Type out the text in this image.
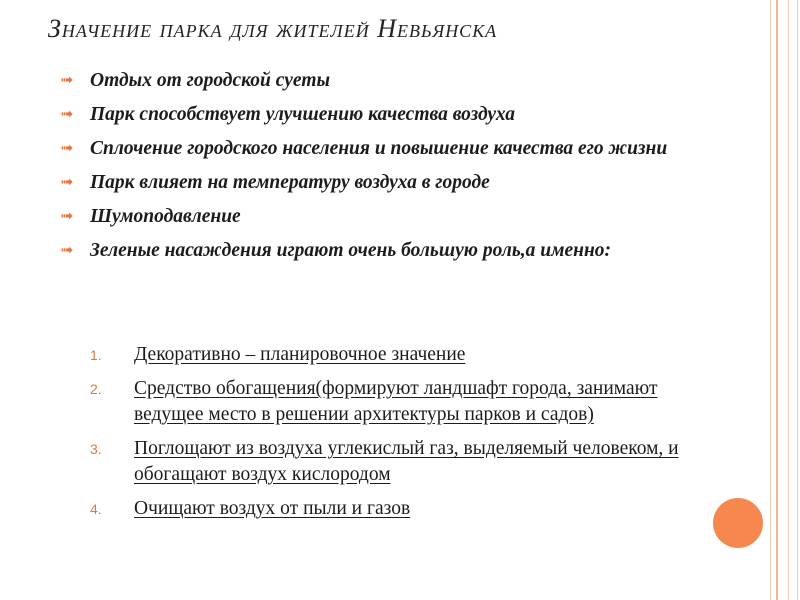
Значение парка для жителей Невьянска
➟ Отдых от городской суеты
➟ Парк способствует улучшению качества воздуха
➟ Сплочение городского населения и повышение качества его жизни
➟ Парк влияет на температуру воздуха в городе
➟ Шумоподавление
➟ Зеленые насаждения играют очень большую роль,а именно:
1. Декоративно – планировочное значение
2. Средство обогащения(формируют ландшафт города, занимают ведущее место в решении архитектуры парков и садов)
3. Поглощают из воздуха углекислый газ, выделяемый человеком, и обогащают воздух кислородом
4. Очищают воздух от пыли и газов
